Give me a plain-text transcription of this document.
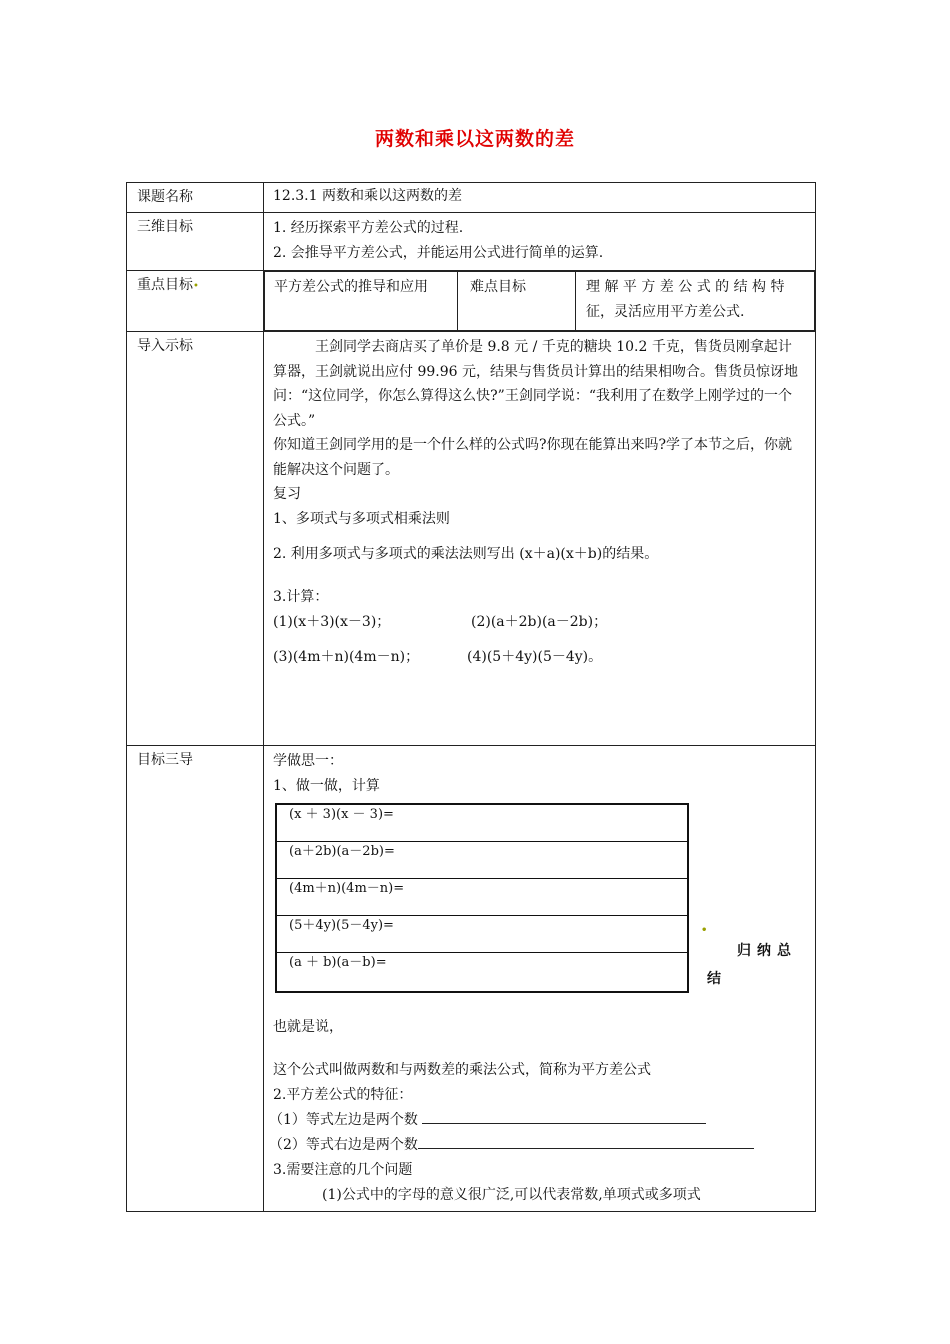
两数和乘以这两数的差
课题名称	12.3.1 两数和乘以这两数的差

三维目标	1. 经历探索平方差公式的过程.
2. 会推导平方差公式，并能运用公式进行简单的运算.

重点目标•		平方差公式的推导和应用	难点目标	理 解 平 方 差 公 式 的 结 构 特 征，灵活应用平方差公式.

导入示标	王剑同学去商店买了单价是 9.8 元 / 千克的糖块 10.2 千克，售货员刚拿起计算器，王剑就说出应付 99.96 元，结果与售货员计算出的结果相吻合。售货员惊讶地问：“这位同学，你怎么算得这么快?”王剑同学说：“我利用了在数学上刚学过的一个公式。”
你知道王剑同学用的是一个什么样的公式吗?你现在能算出来吗?学了本节之后，你就能解决这个问题了。
复习
1、多项式与多项式相乘法则
2. 利用多项式与多项式的乘法法则写出 (x＋a)(x＋b)的结果。
3.计算：
(1)(x＋3)(x－3)；	(2)(a＋2b)(a－2b)；
(3)(4m＋n)(4m－n)；	(4)(5＋4y)(5－4y)。

目标三导	学做思一：
1、做一做，计算
(x ＋ 3)(x － 3)=
(a＋2b)(a－2b)=
(4m＋n)(4m－n)=
(5＋4y)(5－4y)=
(a ＋ b)(a－b)=
•
归纳总
结
也就是说，
这个公式叫做两数和与两数差的乘法公式，简称为平方差公式
2.平方差公式的特征：
（1）等式左边是两个数
（2）等式右边是两个数
3.需要注意的几个问题
(1)公式中的字母的意义很广泛,可以代表常数,单项式或多项式
